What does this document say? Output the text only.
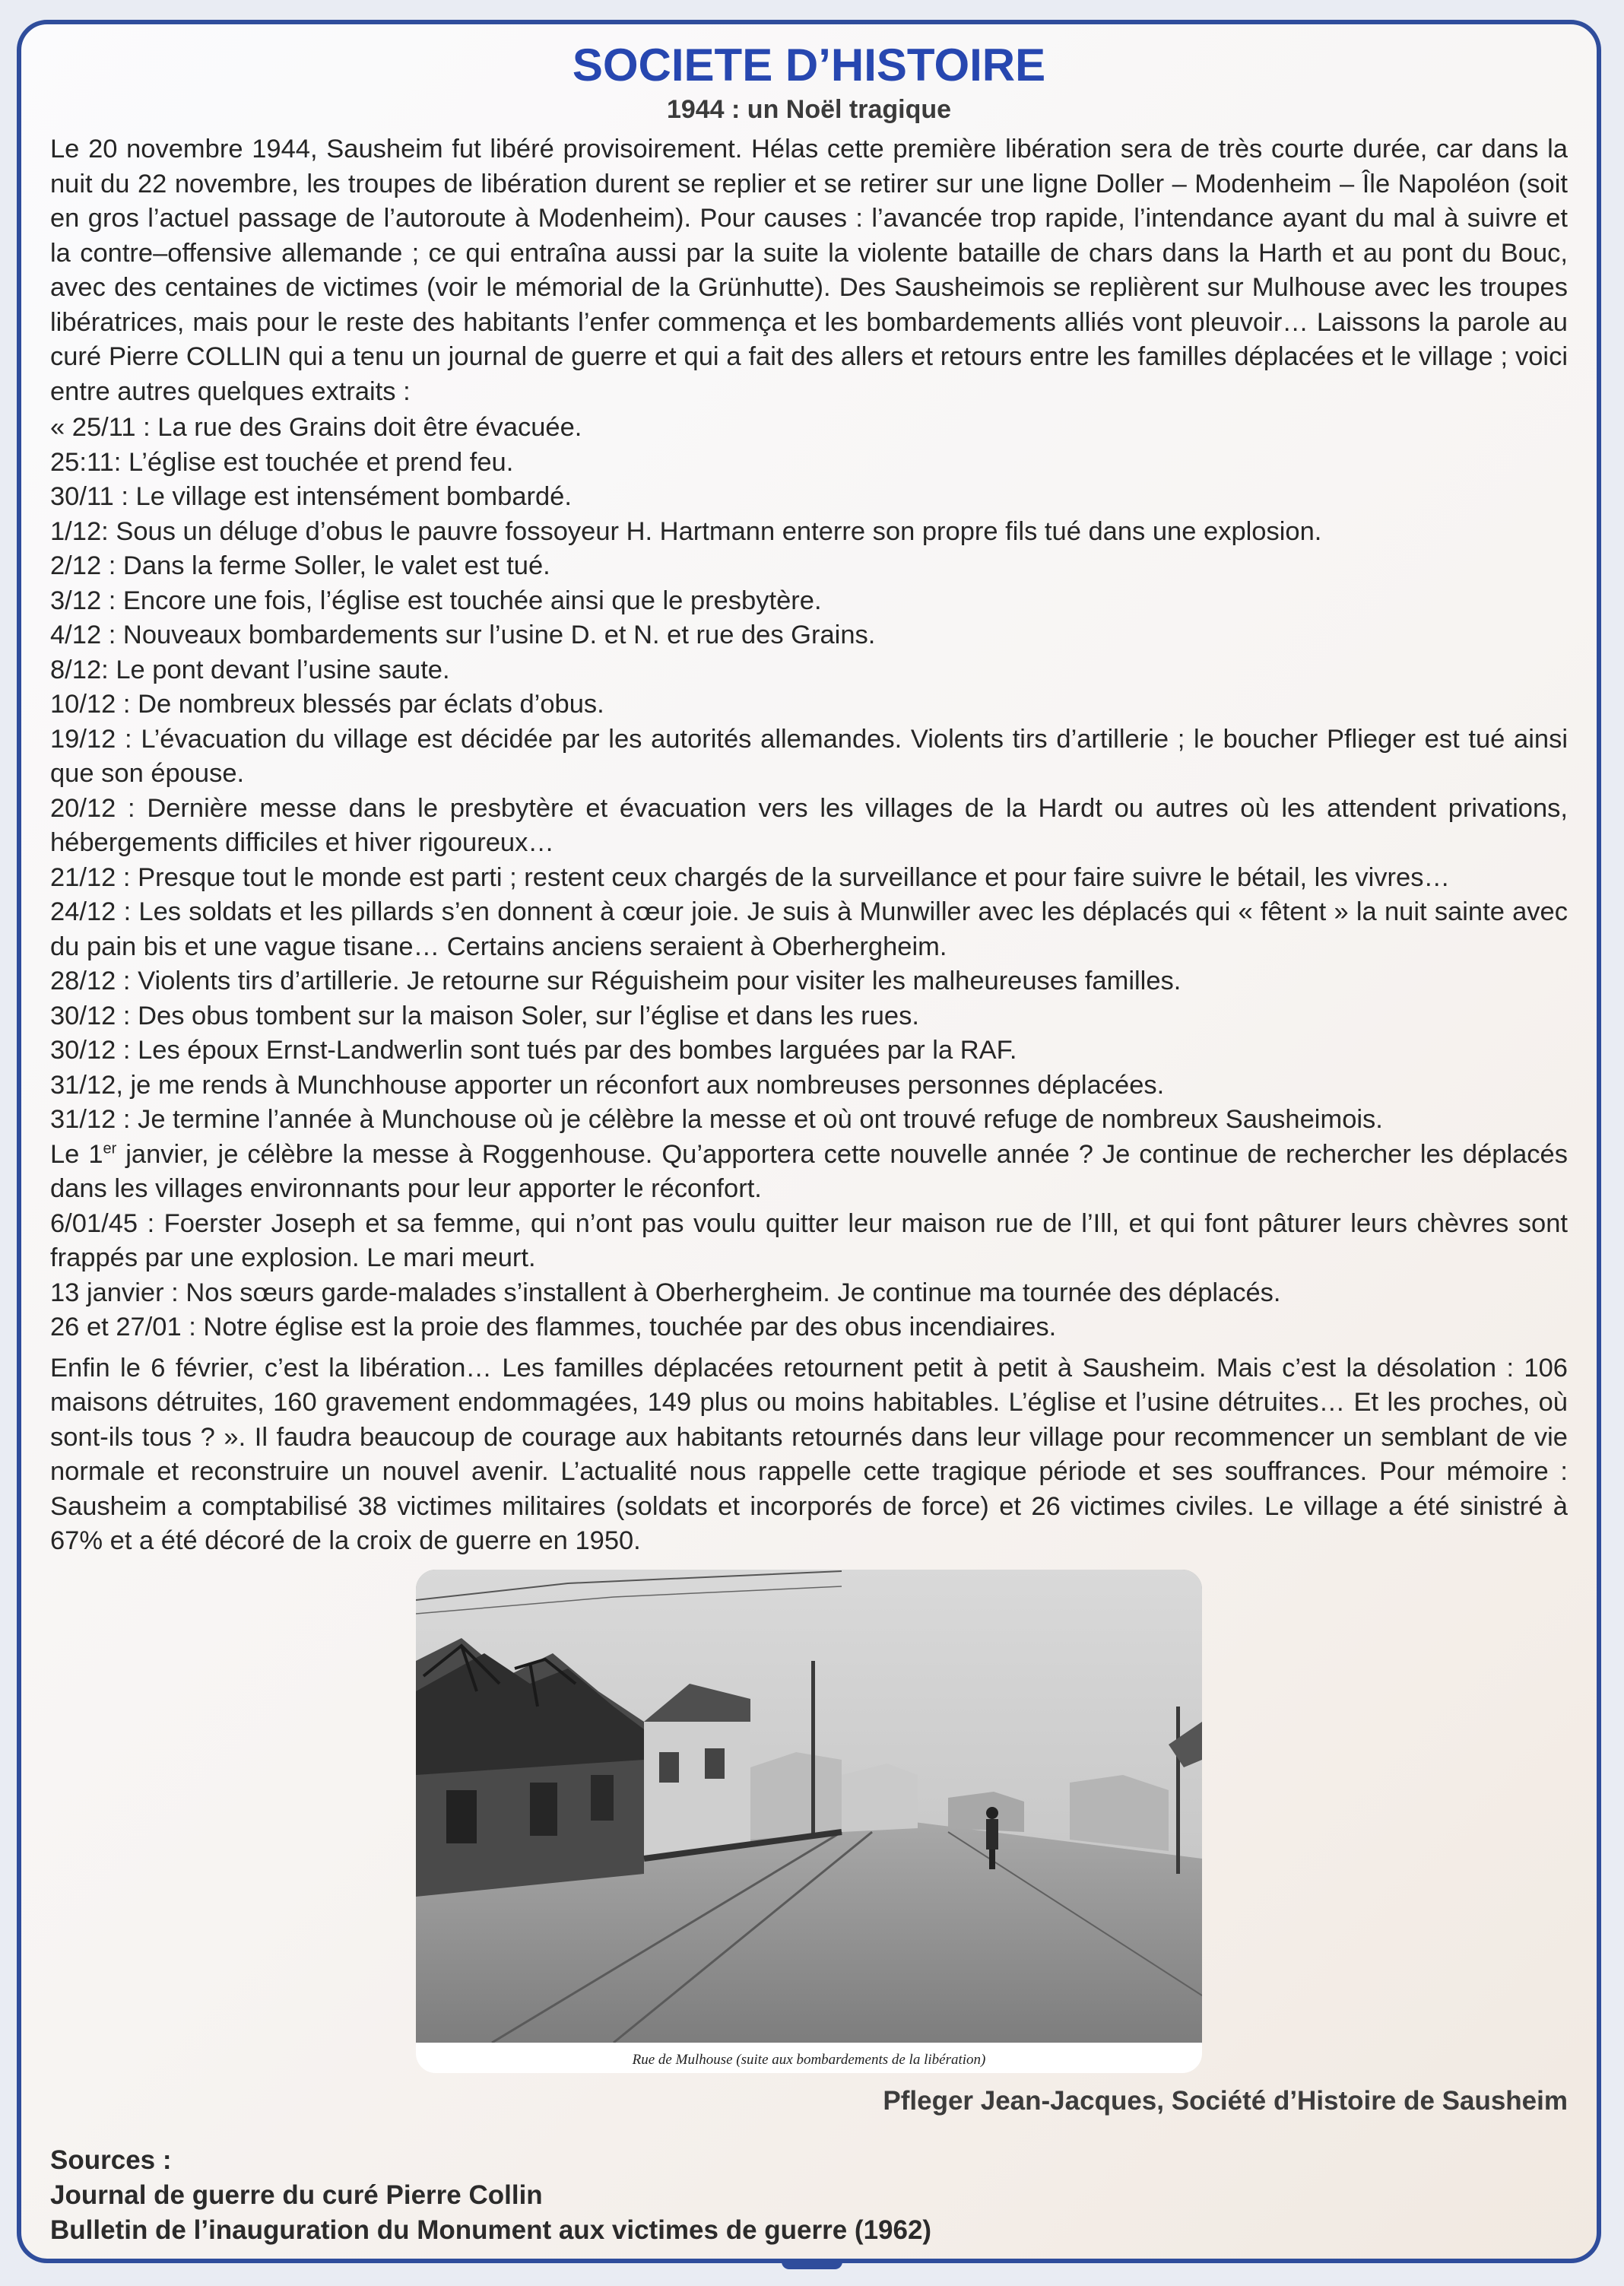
SOCIETE D’HISTOIRE
1944 : un Noël tragique

Le 20 novembre 1944, Sausheim fut libéré provisoirement. Hélas cette première libération sera de très courte durée, car dans la nuit du 22 novembre, les troupes de libération durent se replier et se retirer sur une ligne Doller – Modenheim – Île Napoléon (soit en gros l’actuel passage de l’autoroute à Modenheim). Pour causes : l’avancée trop rapide, l’intendance ayant du mal à suivre et la contre–offensive allemande ; ce qui entraîna aussi par la suite la violente bataille de chars dans la Harth et au pont du Bouc, avec des centaines de victimes (voir le mémorial de la Grünhutte). Des Sausheimois se replièrent sur Mulhouse avec les troupes libératrices, mais pour le reste des habitants l’enfer commença et les bombardements alliés vont pleuvoir… Laissons la parole au curé Pierre COLLIN qui a tenu un journal de guerre et qui a fait des allers et retours entre les familles déplacées et le village ; voici entre autres quelques extraits :

« 25/11 : La rue des Grains doit être évacuée.

25:11: L’église est touchée et prend feu.

30/11 : Le village est intensément bombardé.

1/12: Sous un déluge d’obus le pauvre fossoyeur H. Hartmann enterre son propre fils tué dans une explosion.

2/12 : Dans la ferme Soller, le valet est tué.

3/12 : Encore une fois, l’église est touchée ainsi que le presbytère.

4/12 : Nouveaux bombardements sur l’usine D. et N. et rue des Grains.

8/12: Le pont devant l’usine saute.

10/12 : De nombreux blessés par éclats d’obus.

19/12 : L’évacuation du village est décidée par les autorités allemandes. Violents tirs d’artillerie ; le boucher Pflieger est tué ainsi que son épouse.

20/12 : Dernière messe dans le presbytère et évacuation vers les villages de la Hardt ou autres où les attendent privations, hébergements difficiles et hiver rigoureux…

21/12 : Presque tout le monde est parti ; restent ceux chargés de la surveillance et pour faire suivre le bétail, les vivres…

24/12 : Les soldats et les pillards s’en donnent à cœur joie. Je suis à Munwiller avec les déplacés qui « fêtent » la nuit sainte avec du pain bis et une vague tisane… Certains anciens seraient à Oberhergheim.

28/12 : Violents tirs d’artillerie. Je retourne sur Réguisheim pour visiter les malheureuses familles.

30/12 : Des obus tombent sur la maison Soler, sur l’église et dans les rues.

30/12 : Les époux Ernst-Landwerlin sont tués par des bombes larguées par la RAF.

31/12, je me rends à Munchhouse apporter un réconfort aux nombreuses personnes déplacées.

31/12 : Je termine l’année à Munchouse où je célèbre la messe et où ont trouvé refuge de nombreux Sausheimois.

Le 1er janvier, je célèbre la messe à Roggenhouse. Qu’apportera cette nouvelle année ? Je continue de rechercher les déplacés dans les villages environnants pour leur apporter le réconfort.

6/01/45 : Foerster Joseph et sa femme, qui n’ont pas voulu quitter leur maison rue de l’Ill, et qui font pâturer leurs chèvres sont frappés par une explosion. Le mari meurt.

13 janvier : Nos sœurs garde-malades s’installent à Oberhergheim. Je continue ma tournée des déplacés.

26 et 27/01 : Notre église est la proie des flammes, touchée par des obus incendiaires.

Enfin le 6 février, c’est la libération… Les familles déplacées retournent petit à petit à Sausheim. Mais c’est la désolation : 106 maisons détruites, 160 gravement endommagées, 149 plus ou moins habitables. L’église et l’usine détruites… Et les proches, où sont-ils tous ? ». Il faudra beaucoup de courage aux habitants retournés dans leur village pour recommencer un semblant de vie normale et reconstruire un nouvel avenir. L’actualité nous rappelle cette tragique période et ses souffrances. Pour mémoire : Sausheim a comptabilisé 38 victimes militaires (soldats et incorporés de force) et 26 victimes civiles. Le village a été sinistré à 67% et a été décoré de la croix de guerre en 1950.

Rue de Mulhouse (suite aux bombardements de la libération)

Pfleger Jean-Jacques, Société d’Histoire de Sausheim

Sources :

Journal de guerre du curé Pierre Collin

Bulletin de l’inauguration du Monument aux victimes de guerre (1962)
